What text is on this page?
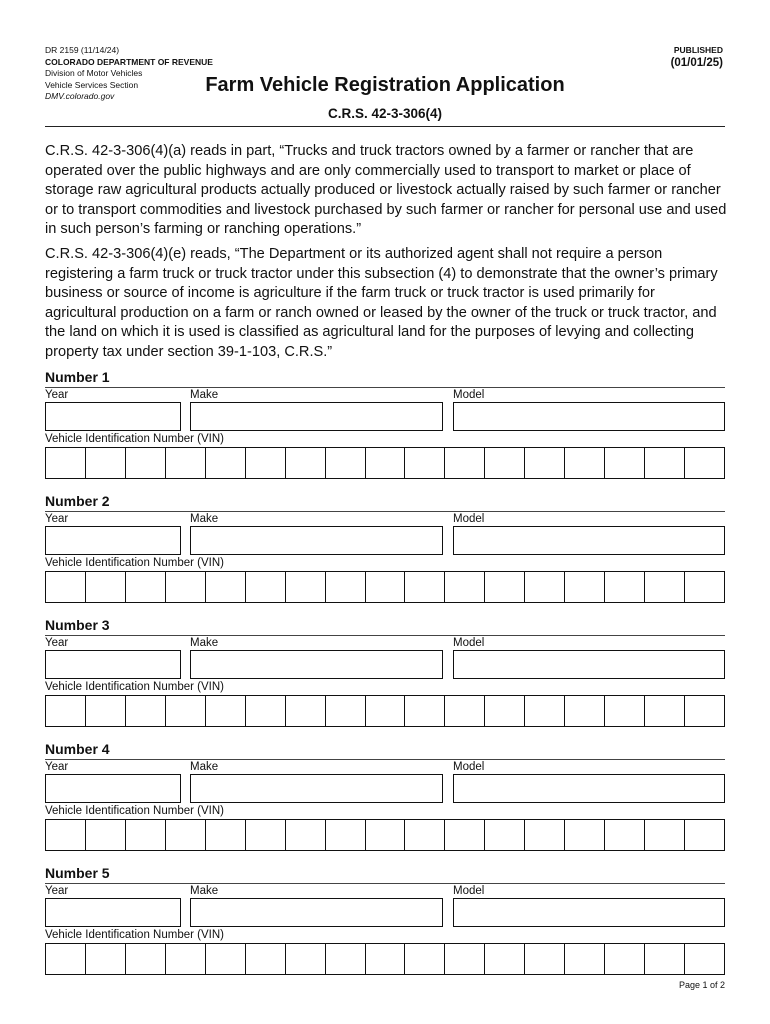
DR 2159 (11/14/24)
COLORADO DEPARTMENT OF REVENUE
Division of Motor Vehicles
Vehicle Services Section
DMV.colorado.gov
PUBLISHED
(01/01/25)
Farm Vehicle Registration Application
C.R.S. 42-3-306(4)

C.R.S. 42-3-306(4)(a) reads in part, “Trucks and truck tractors owned by a farmer or rancher that are operated over the public highways and are only commercially used to transport to market or place of storage raw agricultural products actually produced or livestock actually raised by such farmer or rancher or to transport commodities and livestock purchased by such farmer or rancher for personal use and used in such person’s farming or ranching operations.”

C.R.S. 42-3-306(4)(e) reads, “The Department or its authorized agent shall not require a person registering a farm truck or truck tractor under this subsection (4) to demonstrate that the owner’s primary business or source of income is agriculture if the farm truck or truck tractor is used primarily for agricultural production on a farm or ranch owned or leased by the owner of the truck or truck tractor, and the land on which it is used is classified as agricultural land for the purposes of levying and collecting property tax under section 39-1-103, C.R.S.”

Number 1
Year	Make	Model
Vehicle Identification Number (VIN)
Number 2
Year	Make	Model
Vehicle Identification Number (VIN)
Number 3
Year	Make	Model
Vehicle Identification Number (VIN)
Number 4
Year	Make	Model
Vehicle Identification Number (VIN)
Number 5
Year	Make	Model
Vehicle Identification Number (VIN)
Page 1 of 2
